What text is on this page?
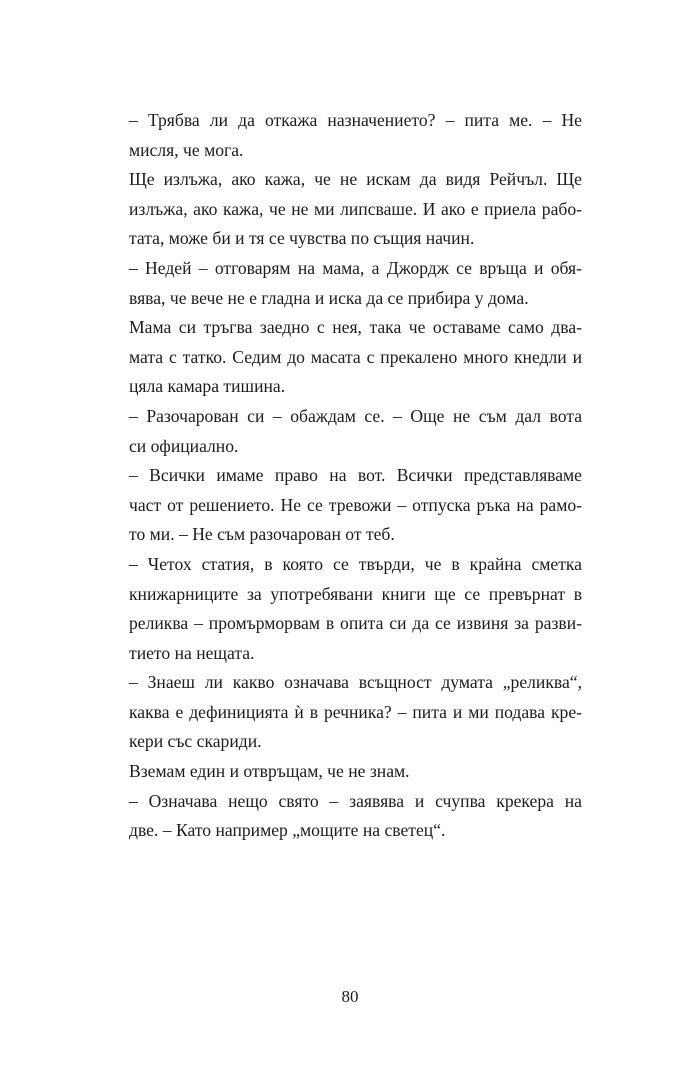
– Трябва ли да откажа назначението? – пита ме. – Не
мисля, че мога.
Ще излъжа, ако кажа, че не искам да видя Рейчъл. Ще
излъжа, ако кажа, че не ми липсваше. И ако е приела рабо-
тата, може би и тя се чувства по същия начин.
– Недей – отговарям на мама, а Джордж се връща и обя-
вява, че вече не е гладна и иска да се прибира у дома.
Мама си тръгва заедно с нея, така че оставаме само два-
мата с татко. Седим до масата с прекалено много кнедли и
цяла камара тишина.
– Разочарован си – обаждам се. – Още не съм дал вота
си официално.
– Всички имаме право на вот. Всички представляваме
част от решението. Не се тревожи – отпуска ръка на рамо-
то ми. – Не съм разочарован от теб.
– Четох статия, в която се твърди, че в крайна сметка
книжарниците за употребявани книги ще се превърнат в
реликва – промърморвам в опита си да се извиня за разви-
тието на нещата.
– Знаеш ли какво означава всъщност думата „реликва“,
каква е дефиницията ѝ в речника? – пита и ми подава кре-
кери със скариди.
Вземам един и отвръщам, че не знам.
– Означава нещо свято – заявява и счупва крекера на
две. – Като например „мощите на светец“.
80
